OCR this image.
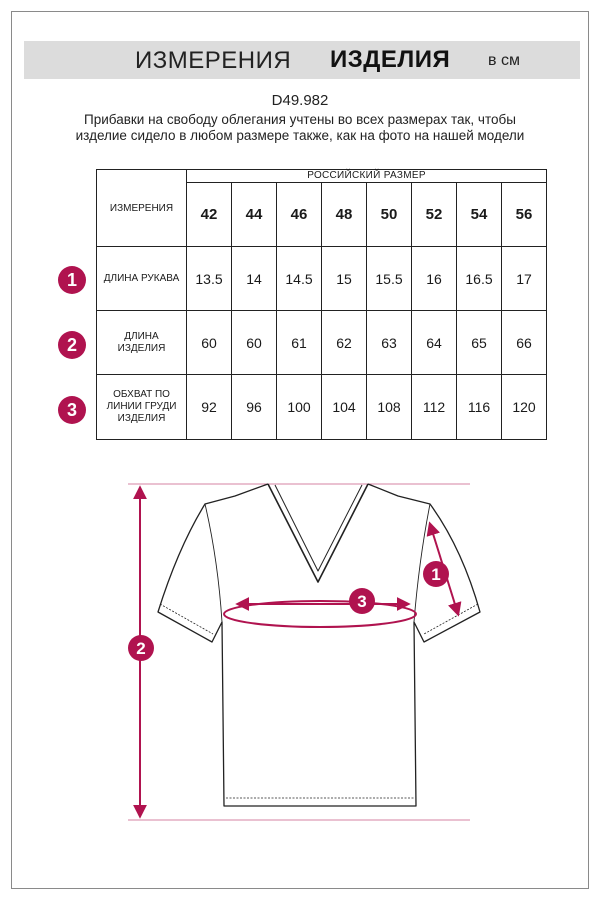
ИЗМЕРЕНИЯ ИЗДЕЛИЯ в см
D49.982
Прибавки на свободу облегания учтены во всех размерах так, чтобы изделие сидело в любом размере также, как на фото на нашей модели
ИЗМЕРЕНИЯ	РОССИЙСКИЙ РАЗМЕР							
	42	44	46	48	50	52	54	56

ДЛИНА РУКАВА	13.5	14	14.5	15	15.5	16	16.5	17

ДЛИНА
ИЗДЕЛИЯ	60	60	61	62	63	64	65	66

ОБХВАТ ПО
ЛИНИИ ГРУДИ
ИЗДЕЛИЯ	92	96	100	104	108	112	116	120
1
2
3
1
2
3
